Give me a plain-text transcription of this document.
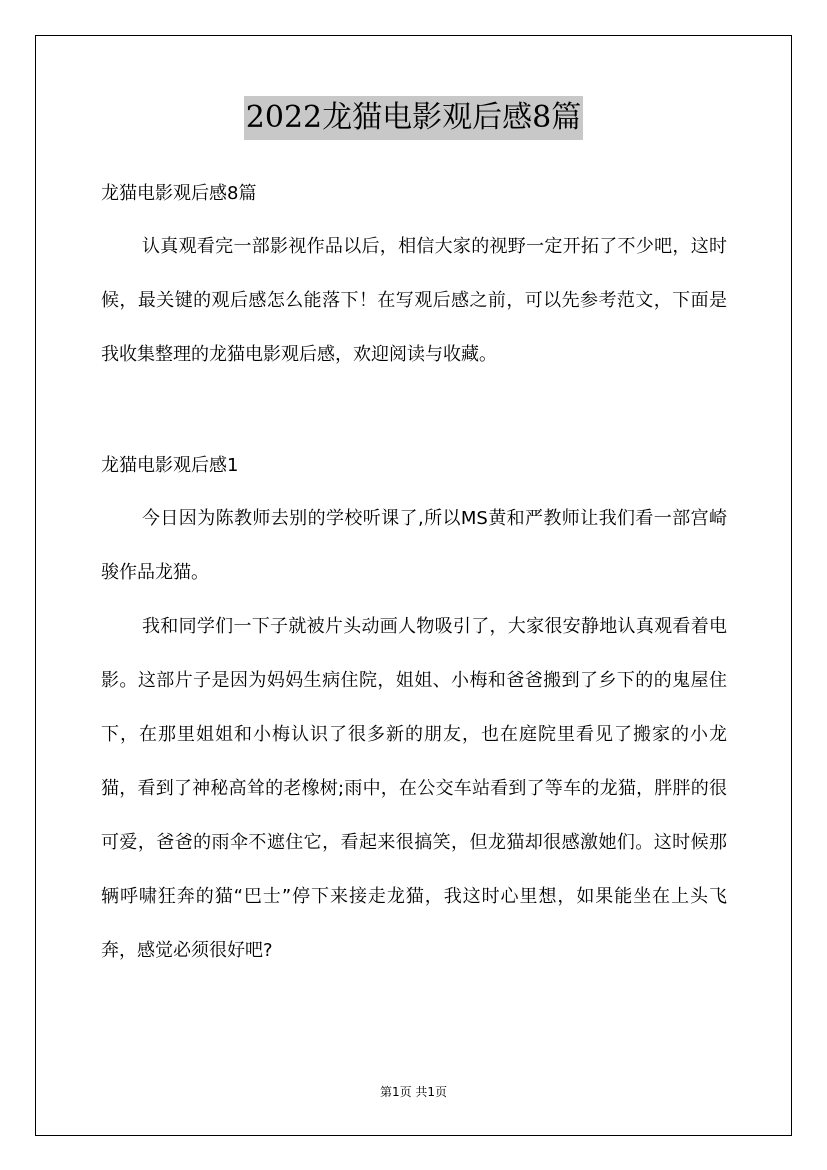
2022龙猫电影观后感8篇
龙猫电影观后感8篇
认真观看完一部影视作品以后，相信大家的视野一定开拓了不少吧，这时候，最关键的观后感怎么能落下！在写观后感之前，可以先参考范文，下面是我收集整理的龙猫电影观后感，欢迎阅读与收藏。
龙猫电影观后感1
今日因为陈教师去别的学校听课了,所以MS黄和严教师让我们看一部宫崎骏作品龙猫。
我和同学们一下子就被片头动画人物吸引了，大家很安静地认真观看着电影。这部片子是因为妈妈生病住院，姐姐、小梅和爸爸搬到了乡下的的鬼屋住下，在那里姐姐和小梅认识了很多新的朋友，也在庭院里看见了搬家的小龙猫，看到了神秘高耸的老橡树;雨中，在公交车站看到了等车的龙猫，胖胖的很可爱，爸爸的雨伞不遮住它，看起来很搞笑，但龙猫却很感激她们。这时候那辆呼啸狂奔的猫“巴士”停下来接走龙猫，我这时心里想，如果能坐在上头飞奔，感觉必须很好吧?
第1页 共1页
